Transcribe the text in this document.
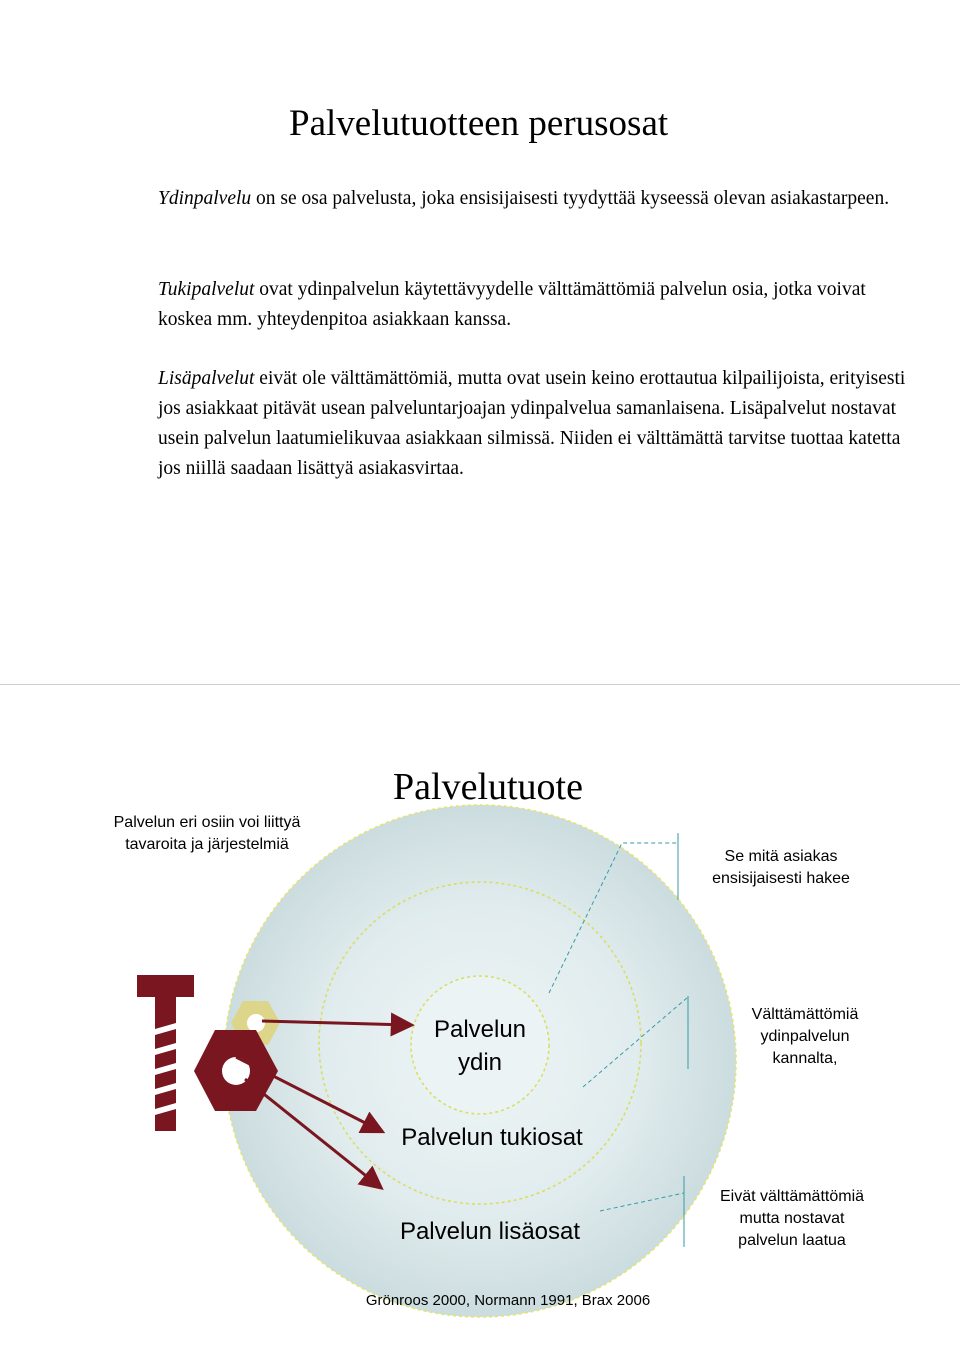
Palvelutuotteen perusosat
Ydinpalvelu on se osa palvelusta, joka ensisijaisesti tyydyttää kyseessä olevan asiakastarpeen.
Tukipalvelut ovat ydinpalvelun käytettävyydelle välttämättömiä palvelun osia, jotka voivat koskea mm. yhteydenpitoa asiakkaan kanssa.
Lisäpalvelut eivät ole välttämättömiä, mutta ovat usein keino erottautua kilpailijoista, erityisesti jos asiakkaat pitävät usean palveluntarjoajan ydinpalvelua samanlaisena. Lisäpalvelut nostavat usein palvelun laatumielikuvaa asiakkaan silmissä. Niiden ei välttämättä tarvitse tuottaa katetta jos niillä saadaan lisättyä asiakasvirtaa.
Palvelutuote
Palvelun eri osiin voi liittyä
tavaroita ja järjestelmiä
Palvelun
ydin
Palvelun tukiosat
Palvelun lisäosat
Se mitä asiakas
ensisijaisesti hakee
Välttämättömiä
ydinpalvelun
kannalta,
Eivät välttämättömiä
mutta nostavat
palvelun laatua
Grönroos 2000, Normann 1991, Brax 2006
